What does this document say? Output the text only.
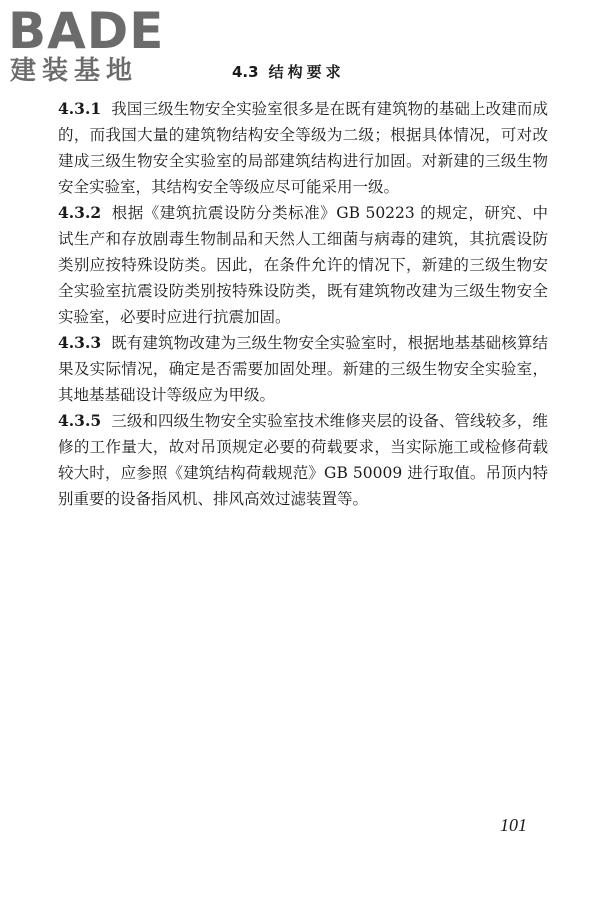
BADE
建装基地	4.3 结构要求

4.3.1 我国三级生物安全实验室很多是在既有建筑物的基础上改建而成的，而我国大量的建筑物结构安全等级为二级；根据具体情况，可对改建成三级生物安全实验室的局部建筑结构进行加固。对新建的三级生物安全实验室，其结构安全等级应尽可能采用一级。

4.3.2 根据《建筑抗震设防分类标准》GB 50223 的规定，研究、中试生产和存放剧毒生物制品和天然人工细菌与病毒的建筑，其抗震设防类别应按特殊设防类。因此，在条件允许的情况下，新建的三级生物安全实验室抗震设防类别按特殊设防类，既有建筑物改建为三级生物安全实验室，必要时应进行抗震加固。

4.3.3 既有建筑物改建为三级生物安全实验室时，根据地基基础核算结果及实际情况，确定是否需要加固处理。新建的三级生物安全实验室，其地基基础设计等级应为甲级。

4.3.5 三级和四级生物安全实验室技术维修夹层的设备、管线较多，维修的工作量大，故对吊顶规定必要的荷载要求，当实际施工或检修荷载较大时，应参照《建筑结构荷载规范》GB 50009 进行取值。吊顶内特别重要的设备指风机、排风高效过滤装置等。

101
